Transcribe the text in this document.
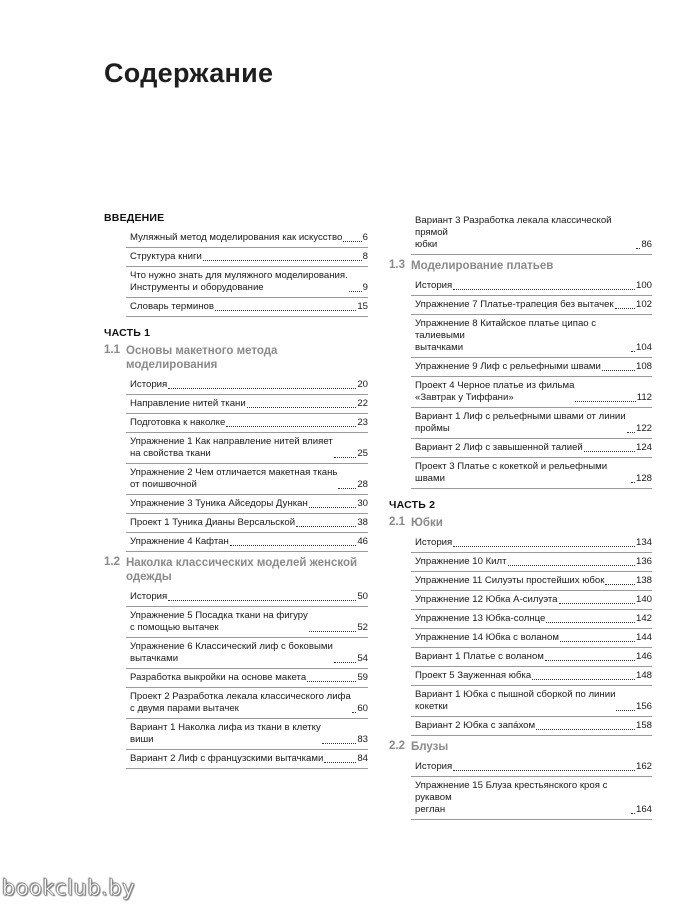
Содержание
ВВЕДЕНИЕ
Муляжный метод моделирования как искусство 6
Структура книги	8
Что нужно знать для муляжного моделирования.
Инструменты и оборудование	9
Словарь терминов	15
ЧАСТЬ 1
1.1 Основы макетного метода моделирования
История	20
Направление нитей ткани	22
Подготовка к наколке	23
Упражнение 1 Как направление нитей влияет
на свойства ткани	25
Упражнение 2 Чем отличается макетная ткань
от поишвочной	28
Упражнение 3 Туника Айседоры Дункан	30
Проект 1 Туника Дианы Версальской	38
Упражнение 4 Кафтан	46
1.2 Наколка классических моделей женской одежды
История	50
Упражнение 5 Посадка ткани на фигуру
с помощью вытачек	52
Упражнение 6 Классический лиф с боковыми
вытачками	54
Разработка выкройки на основе макета	59
Проект 2 Разработка лекала классического лифа
с двумя парами вытачек	60
Вариант 1 Наколка лифа из ткани в клетку
виши	83
Вариант 2 Лиф с французскими вытачками	84
Вариант 3 Разработка лекала классической прямой
юбки	86
1.3 Моделирование платьев
История	100
Упражнение 7 Платье-трапеция без вытачек 102
Упражнение 8 Китайское платье ципао с талиевыми
вытачками	104
Упражнение 9 Лиф с рельефными швами	108
Проект 4 Черное платье из фильма
«Завтрак у Тиффани»	112
Вариант 1 Лиф с рельефными швами от линии
проймы	122
Вариант 2 Лиф с завышенной талией	124
Проект 3 Платье с кокеткой и рельефными швами	128
ЧАСТЬ 2
2.1 Юбки
История	134
Упражнение 10 Килт	136
Упражнение 11 Силуэты простейших юбок	138
Упражнение 12 Юбка А-силуэта	140
Упражнение 13 Юбка-солнце	142
Упражнение 14 Юбка с воланом	144
Вариант 1 Платье с воланом	146
Проект 5 Зауженная юбка	148
Вариант 1 Юбка с пышной сборкой по линии
кокетки	156
Вариант 2 Юбка с запа́хом	158
2.2 Блузы
История	162
Упражнение 15 Блуза крестьянского кроя с рукавом
реглан	164
bookclub.by
